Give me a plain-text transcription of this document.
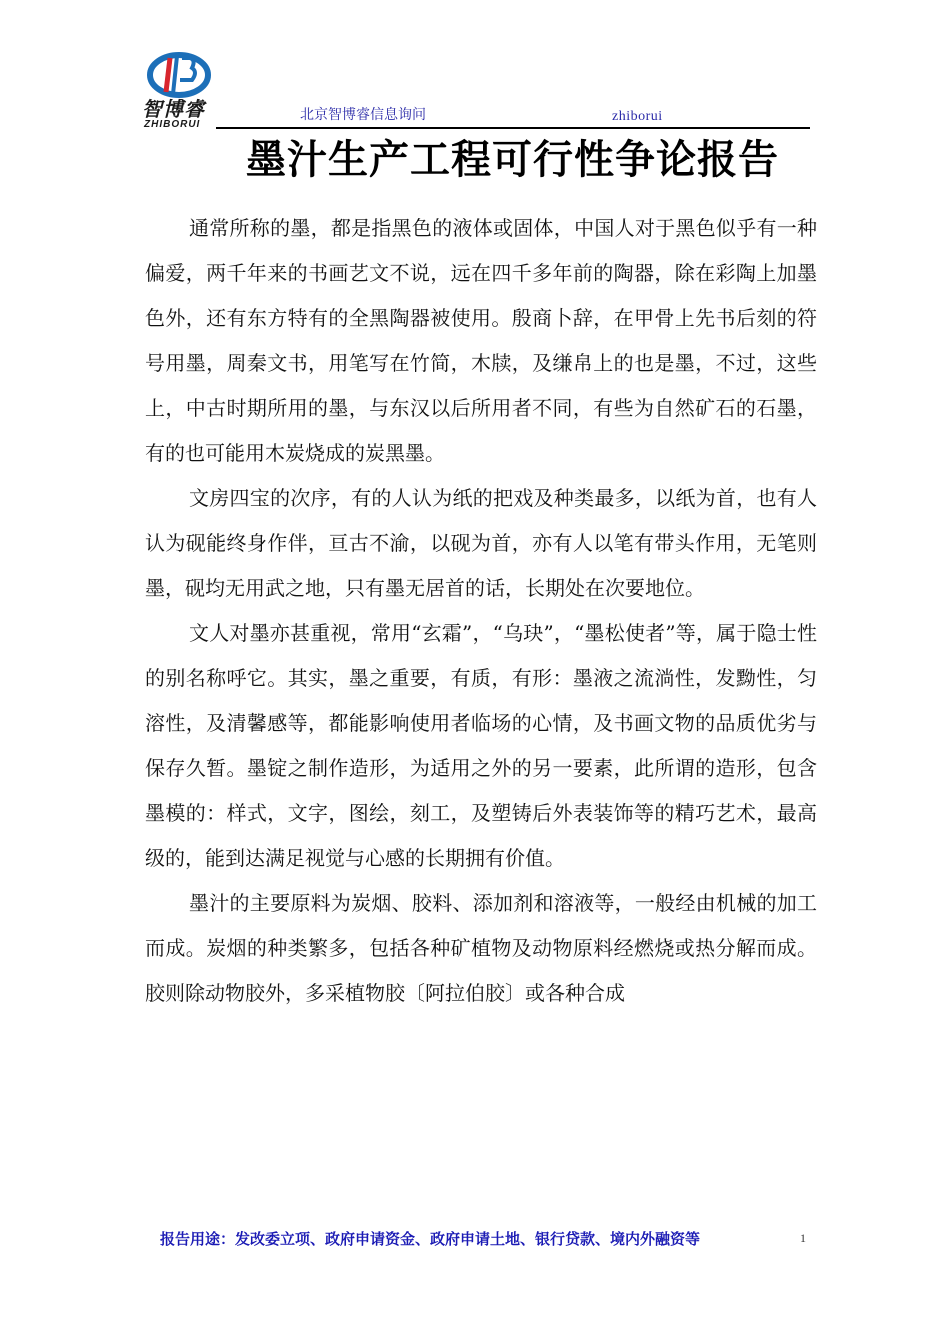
智博睿
ZHIBORUI
北京智博睿信息询问	zhiborui
墨汁生产工程可行性争论报告

通常所称的墨，都是指黑色的液体或固体，中国人对于黑色似乎有一种偏爱，两千年来的书画艺文不说，远在四千多年前的陶器，除在彩陶上加墨色外，还有东方特有的全黑陶器被使用。殷商卜辞，在甲骨上先书后刻的符号用墨，周秦文书，用笔写在竹简，木牍，及缣帛上的也是墨，不过，这些上，中古时期所用的墨，与东汉以后所用者不同，有些为自然矿石的石墨，有的也可能用木炭烧成的炭黑墨。

文房四宝的次序，有的人认为纸的把戏及种类最多，以纸为首，也有人认为砚能终身作伴，亘古不渝，以砚为首，亦有人以笔有带头作用，无笔则墨，砚均无用武之地，只有墨无居首的话，长期处在次要地位。

文人对墨亦甚重视，常用“玄霜”，“乌玦”，“墨松使者”等，属于隐士性的别名称呼它。其实，墨之重要，有质，有形：墨液之流淌性，发黝性，匀溶性，及清馨感等，都能影响使用者临场的心情，及书画文物的品质优劣与保存久暂。墨锭之制作造形，为适用之外的另一要素，此所谓的造形，包含墨模的：样式，文字，图绘，刻工，及塑铸后外表装饰等的精巧艺术，最高级的，能到达满足视觉与心感的长期拥有价值。

墨汁的主要原料为炭烟、胶料、添加剂和溶液等，一般经由机械的加工而成。炭烟的种类繁多，包括各种矿植物及动物原料经燃烧或热分解而成。胶则除动物胶外，多采植物胶〔阿拉伯胶〕或各种合成

报告用途：发改委立项、政府申请资金、政府申请土地、银行贷款、境内外融资等	1
